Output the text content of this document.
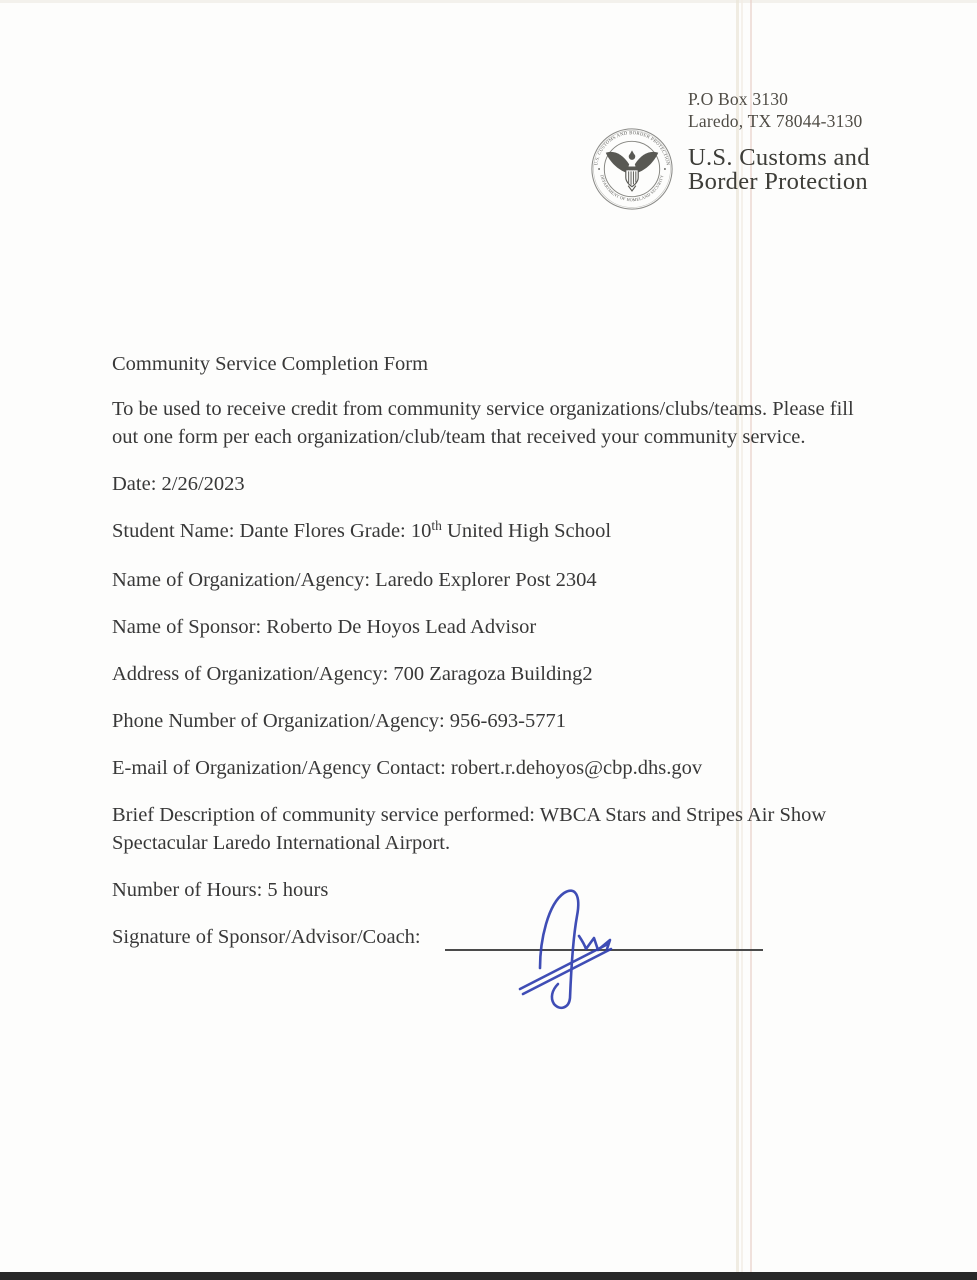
P.O Box 3130
Laredo, TX 78044-3130
U.S. CUSTOMS AND BORDER PROTECTION
DEPARTMENT OF HOMELAND SECURITY
U.S. Customs and
Border Protection

Community Service Completion Form

To be used to receive credit from community service organizations/clubs/teams. Please fill out one form per each organization/club/team that received your community service.

Date: 2/26/2023

Student Name: Dante Flores Grade: 10th United High School

Name of Organization/Agency: Laredo Explorer Post 2304

Name of Sponsor: Roberto De Hoyos Lead Advisor

Address of Organization/Agency: 700 Zaragoza Building2

Phone Number of Organization/Agency: 956-693-5771

E-mail of Organization/Agency Contact: robert.r.dehoyos@cbp.dhs.gov

Brief Description of community service performed: WBCA Stars and Stripes Air Show Spectacular Laredo International Airport.

Number of Hours: 5 hours

Signature of Sponsor/Advisor/Coach:
